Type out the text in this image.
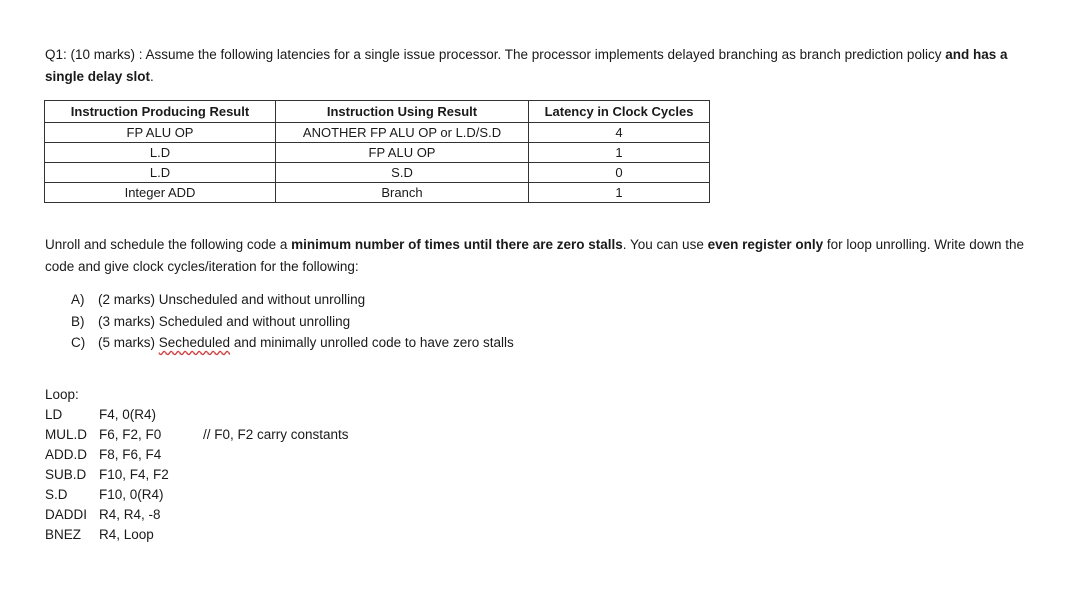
Q1: (10 marks) : Assume the following latencies for a single issue processor. The processor implements delayed branching as branch prediction policy and has a single delay slot.
Instruction Producing Result	Instruction Using Result	Latency in Clock Cycles
FP ALU OP	ANOTHER FP ALU OP or L.D/S.D	4
L.D	FP ALU OP	1
L.D	S.D	0
Integer ADD	Branch	1
Unroll and schedule the following code a minimum number of times until there are zero stalls. You can use even register only for loop unrolling. Write down the code and give clock cycles/iteration for the following:
A)	(2 marks) Unscheduled and without unrolling
B)	(3 marks) Scheduled and without unrolling
C) (5 marks) Secheduled and minimally unrolled code to have zero stalls
Loop:
LD	F4, 0(R4)
MUL.D F6, F2, F0	// F0, F2 carry constants
ADD.D F8, F6, F4
SUB.D F10, F4, F2
S.D	F10, 0(R4)
DADDI R4, R4, -8
BNEZ	R4, Loop
